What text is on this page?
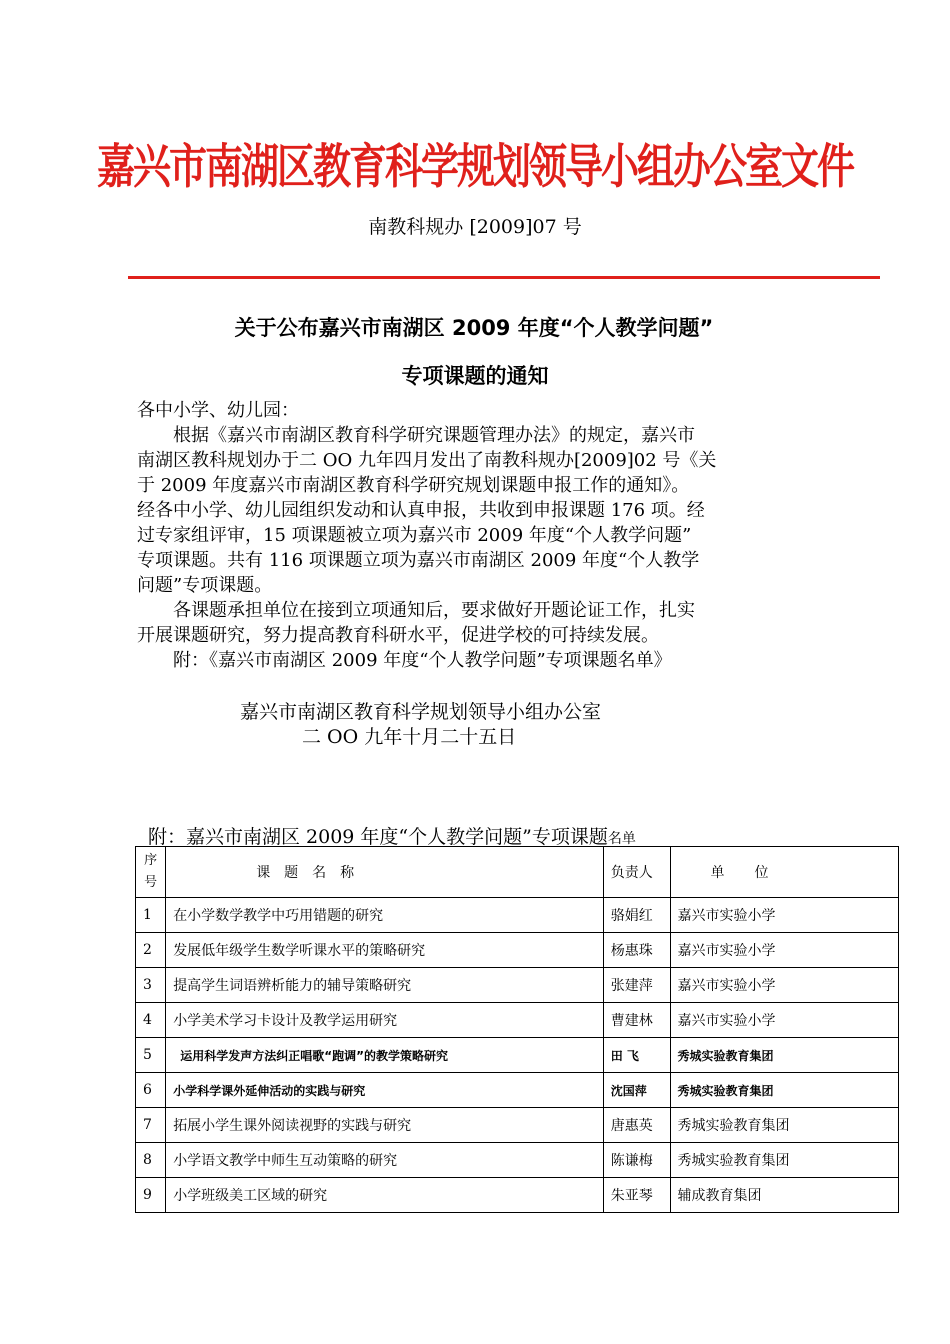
嘉兴市南湖区教育科学规划领导小组办公室文件
南教科规办 [2009]07 号
关于公布嘉兴市南湖区 2009 年度“个人教学问题”
专项课题的通知

各中小学、幼儿园：

根据《嘉兴市南湖区教育科学研究课题管理办法》的规定，嘉兴市

南湖区教科规划办于二 OO 九年四月发出了南教科规办[2009]02 号《关

于 2009 年度嘉兴市南湖区教育科学研究规划课题申报工作的通知》。

经各中小学、幼儿园组织发动和认真申报，共收到申报课题 176 项。经

过专家组评审，15 项课题被立项为嘉兴市 2009 年度“个人教学问题”

专项课题。共有 116 项课题立项为嘉兴市南湖区 2009 年度“个人教学

问题”专项课题。

各课题承担单位在接到立项通知后，要求做好开题论证工作，扎实

开展课题研究，努力提高教育科研水平，促进学校的可持续发展。

附：《嘉兴市南湖区 2009 年度“个人教学问题”专项课题名单》

嘉兴市南湖区教育科学规划领导小组办公室
二 OO 九年十月二十五日
附：嘉兴市南湖区 2009 年度“个人教学问题”专项课题名单
序
号	课题名称	负责人	单位
1	在小学数学教学中巧用错题的研究	骆娟红	嘉兴市实验小学
2	发展低年级学生数学听课水平的策略研究	杨惠珠	嘉兴市实验小学
3	提高学生词语辨析能力的辅导策略研究	张建萍	嘉兴市实验小学
4	小学美术学习卡设计及教学运用研究	曹建林	嘉兴市实验小学
5	运用科学发声方法纠正唱歌“跑调”的教学策略研究	田 飞	秀城实验教育集团
6	小学科学课外延伸活动的实践与研究	沈国萍	秀城实验教育集团
7	拓展小学生课外阅读视野的实践与研究	唐惠英	秀城实验教育集团
8	小学语文教学中师生互动策略的研究	陈谦梅	秀城实验教育集团
9	小学班级美工区域的研究	朱亚琴	辅成教育集团
